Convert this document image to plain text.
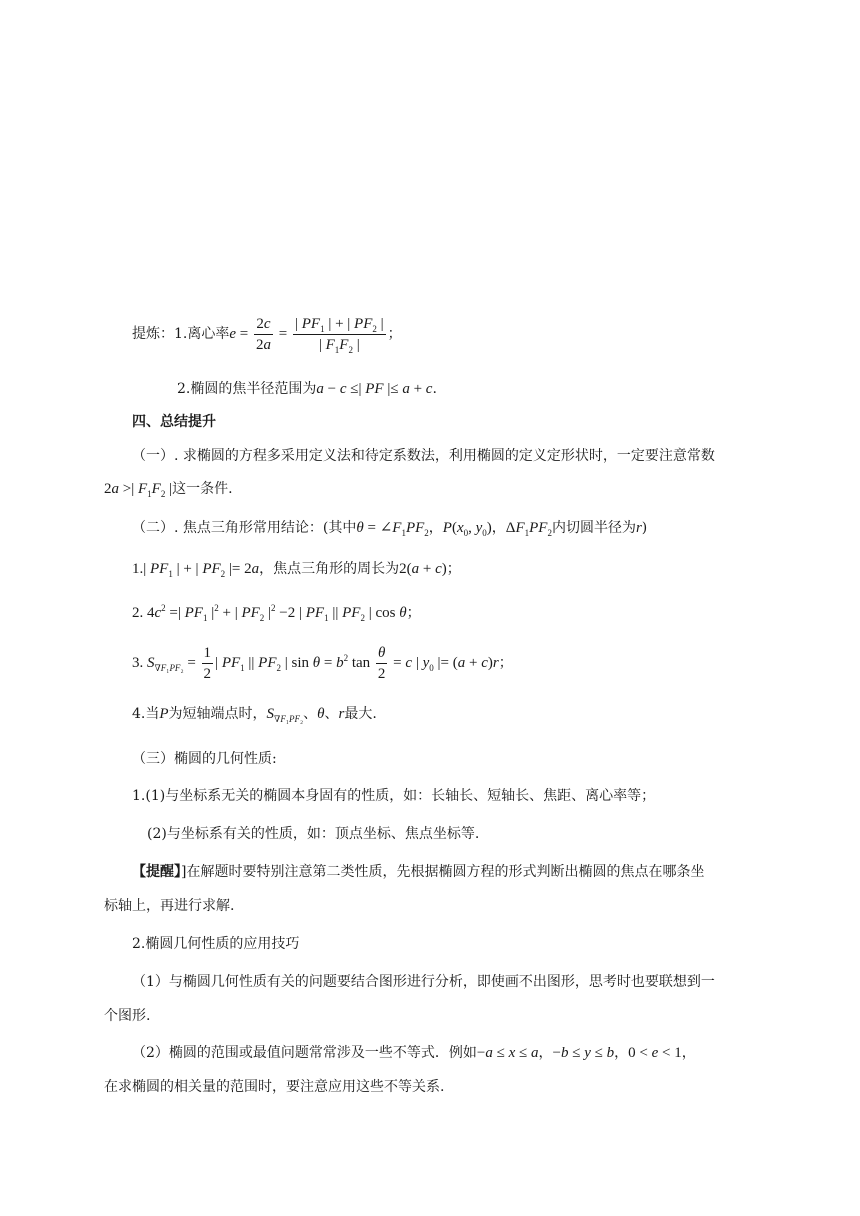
提炼：1.离心率$e = \frac{2c}{2a} = \frac{| PF_1 | + | PF_2 |}{| F_1F_2 |}$ ；
2.椭圆的焦半径范围为a − c ≤| PF |≤ a + c.
四、总结提升
（一）. 求椭圆的方程多采用定义法和待定系数法，利用椭圆的定义定形状时，一定要注意常数
2a >| $F_1F_2$ |这一条件.
（二）. 焦点三角形常用结论：(其中$\theta = \angle F_1PF_2$，$P(x_0$, $y_0$)，$\Delta F_1PF_2$内切圆半径为r)
1.| $PF_1$ | + | $PF_2$ |= 2a，焦点三角形的周长为2(a + c)；
2. $4c^2$ =| $PF_1$ $|^2$ + | $PF_2$ $|^2 -2$ | $PF_1$ || $PF_2$ | cos θ；
3. $S_{\nabla F_1PF_2} = \frac{1}{2}$ | $PF_1$ || $PF_2$ | $\sin \theta = b^2$ $\tan \frac{\theta}{2} = c$ | $y_0$ |= (a + c)r；
4.当P为短轴端点时，$S_{\nabla F_1PF_2}$、θ、r最大.
（三）椭圆的几何性质:
1.(1)与坐标系无关的椭圆本身固有的性质，如：长轴长、短轴长、焦距、离心率等；
(2)与坐标系有关的性质，如：顶点坐标、焦点坐标等.
【提醒】]在解题时要特别注意第二类性质，先根据椭圆方程的形式判断出椭圆的焦点在哪条坐
标轴上，再进行求解.
2.椭圆几何性质的应用技巧
（1）与椭圆几何性质有关的问题要结合图形进行分析，即使画不出图形，思考时也要联想到一
个图形.
（2）椭圆的范围或最值问题常常涉及一些不等式．例如−a ≤ x ≤ a，−b ≤ y ≤ b，0 < e < 1，
在求椭圆的相关量的范围时，要注意应用这些不等关系.
